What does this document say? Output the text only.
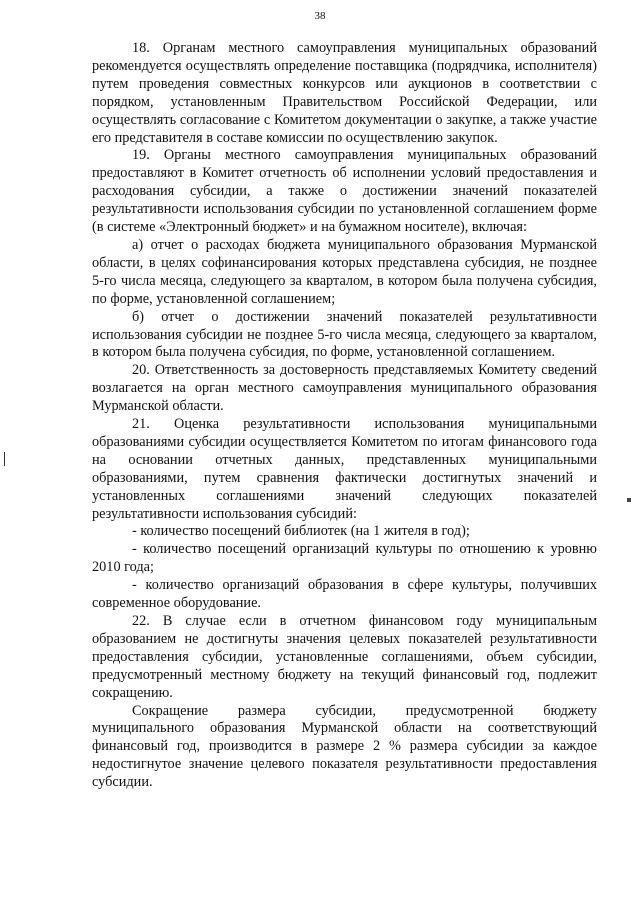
38

18. Органам местного самоуправления муниципальных образований рекомендуется осуществлять определение поставщика (подрядчика, исполнителя) путем проведения совместных конкурсов или аукционов в соответствии с порядком, установленным Правительством Российской Федерации, или осуществлять согласование с Комитетом документации о закупке, а также участие его представителя в составе комиссии по осуществлению закупок.

19. Органы местного самоуправления муниципальных образований предоставляют в Комитет отчетность об исполнении условий предоставления и расходования субсидии, а также о достижении значений показателей результативности использования субсидии по установленной соглашением форме (в системе «Электронный бюджет» и на бумажном носителе), включая:

а) отчет о расходах бюджета муниципального образования Мурманской области, в целях софинансирования которых представлена субсидия, не позднее 5-го числа месяца, следующего за кварталом, в котором была получена субсидия, по форме, установленной соглашением;

б) отчет о достижении значений показателей результативности использования субсидии не позднее 5-го числа месяца, следующего за кварталом, в котором была получена субсидия, по форме, установленной соглашением.

20. Ответственность за достоверность представляемых Комитету сведений возлагается на орган местного самоуправления муниципального образования Мурманской области.

21. Оценка результативности использования муниципальными образованиями субсидии осуществляется Комитетом по итогам финансового года на основании отчетных данных, представленных муниципальными образованиями, путем сравнения фактически достигнутых значений и установленных соглашениями значений следующих показателей результативности использования субсидий:

- количество посещений библиотек (на 1 жителя в год);

- количество посещений организаций культуры по отношению к уровню 2010 года;

- количество организаций образования в сфере культуры, получивших современное оборудование.

22. В случае если в отчетном финансовом году муниципальным образованием не достигнуты значения целевых показателей результативности предоставления субсидии, установленные соглашениями, объем субсидии, предусмотренный местному бюджету на текущий финансовый год, подлежит сокращению.

Сокращение размера субсидии, предусмотренной бюджету муниципального образования Мурманской области на соответствующий финансовый год, производится в размере 2 % размера субсидии за каждое недостигнутое значение целевого показателя результативности предоставления субсидии.
